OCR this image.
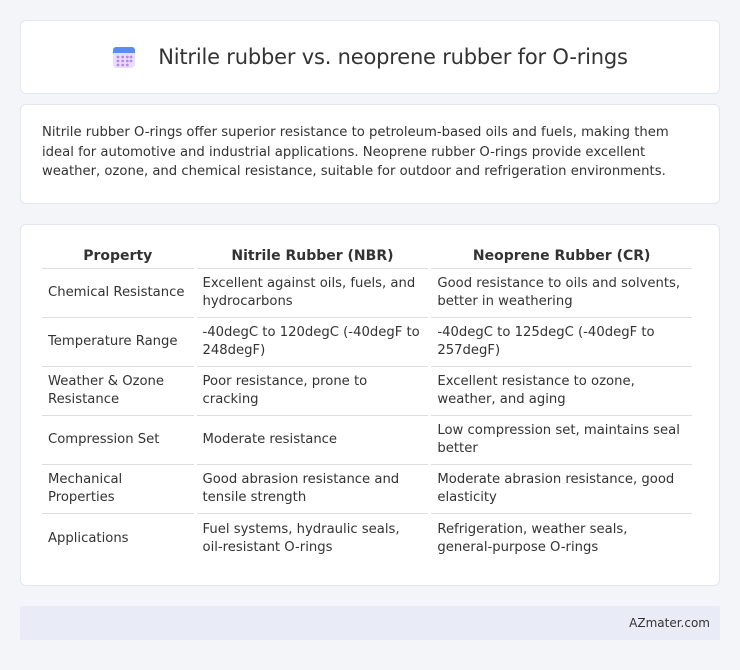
Nitrile rubber vs. neoprene rubber for O-rings

Nitrile rubber O-rings offer superior resistance to petroleum-based oils and fuels, making them ideal for automotive and industrial applications. Neoprene rubber O-rings provide excellent weather, ozone, and chemical resistance, suitable for outdoor and refrigeration environments.

Property	Nitrile Rubber (NBR)	Neoprene Rubber (CR)
Chemical Resistance	Excellent against oils, fuels, and hydrocarbons	Good resistance to oils and solvents, better in weathering
Temperature Range	-40degC to 120degC (-40degF to 248degF)	-40degC to 125degC (-40degF to 257degF)
Weather & Ozone Resistance	Poor resistance, prone to cracking	Excellent resistance to ozone, weather, and aging
Compression Set	Moderate resistance	Low compression set, maintains seal better
Mechanical Properties	Good abrasion resistance and tensile strength	Moderate abrasion resistance, good elasticity
Applications	Fuel systems, hydraulic seals, oil-resistant O-rings	Refrigeration, weather seals, general-purpose O-rings
AZmater.com
